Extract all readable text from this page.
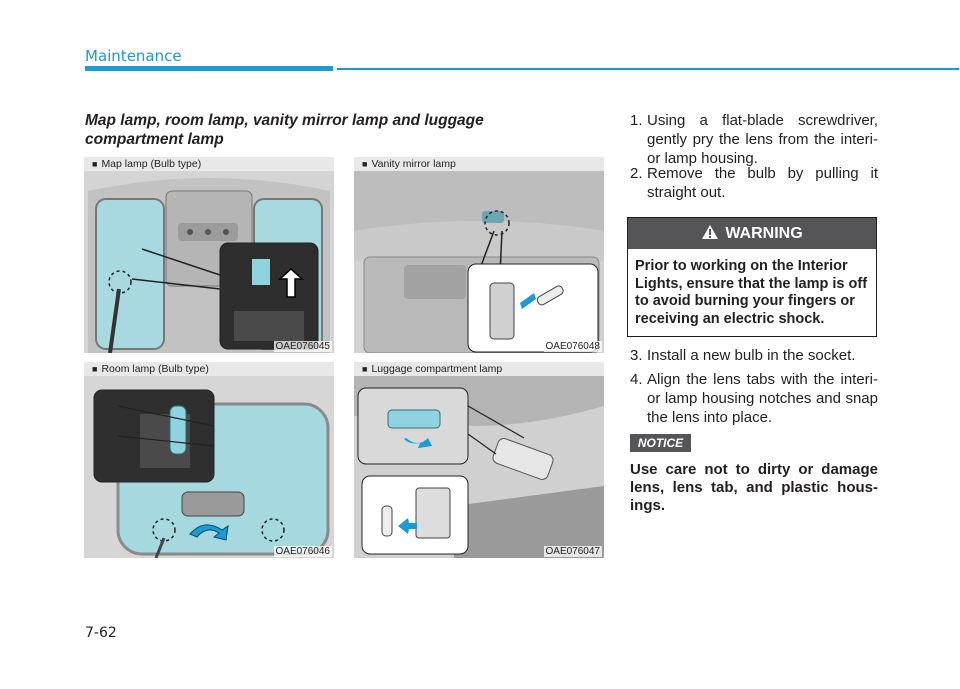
Maintenance
Map lamp, room lamp, vanity mirror lamp and luggage compartment lamp
■ Map lamp (Bulb type)
OAE076045
■ Vanity mirror lamp
OAE076048
■ Room lamp (Bulb type)
OAE076046
■ Luggage compartment lamp
OAE076047
1. Using a flat-blade screwdriver, gently pry the lens from the interi- or lamp housing.
2. Remove the bulb by pulling it straight out.
WARNING
Prior to working on the Interior Lights, ensure that the lamp is off to avoid burning your fingers or receiving an electric shock.
3. Install a new bulb in the socket.
4. Align the lens tabs with the interi- or lamp housing notches and snap the lens into place.
NOTICE
Use care not to dirty or damage lens, lens tab, and plastic hous- ings.
7-62
